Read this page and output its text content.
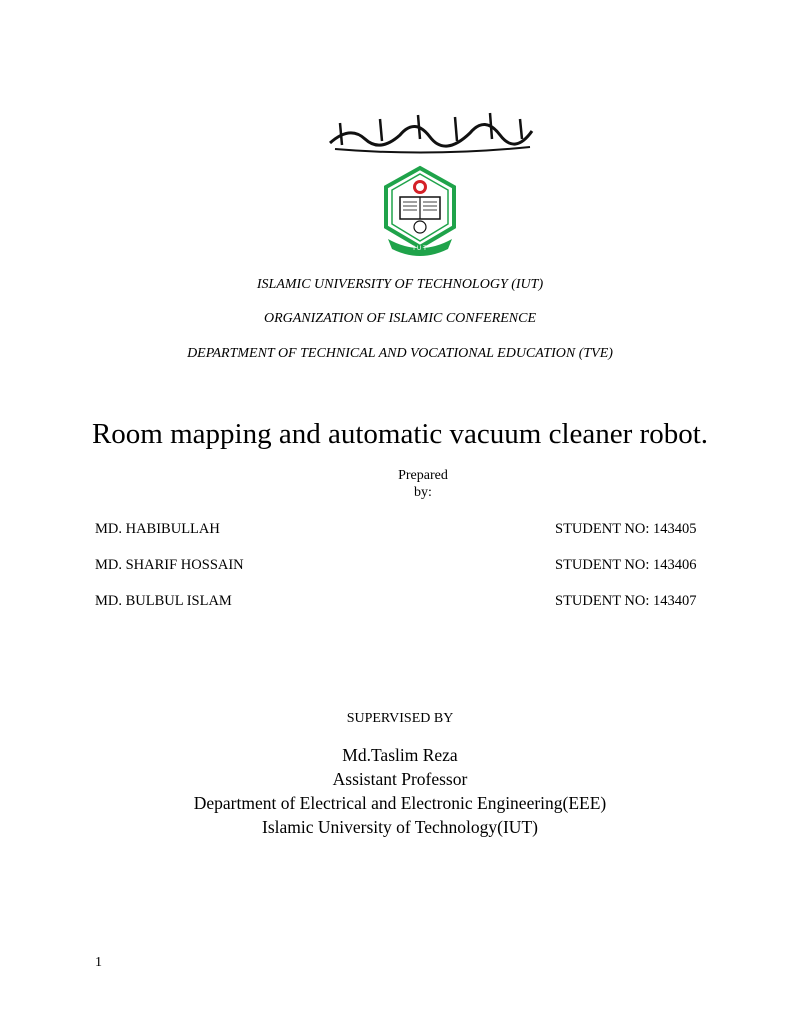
I U T
ISLAMIC UNIVERSITY OF TECHNOLOGY (IUT)
ORGANIZATION OF ISLAMIC CONFERENCE
DEPARTMENT OF TECHNICAL AND VOCATIONAL EDUCATION (TVE)
Room mapping and automatic vacuum cleaner robot.
Prepared
by:
MD. HABIBULLAH	STUDENT NO: 143405
MD. SHARIF HOSSAIN	STUDENT NO: 143406
MD. BULBUL ISLAM	STUDENT NO: 143407
SUPERVISED BY
Md.Taslim Reza
Assistant Professor
Department of Electrical and Electronic Engineering(EEE)
Islamic University of Technology(IUT)
1
